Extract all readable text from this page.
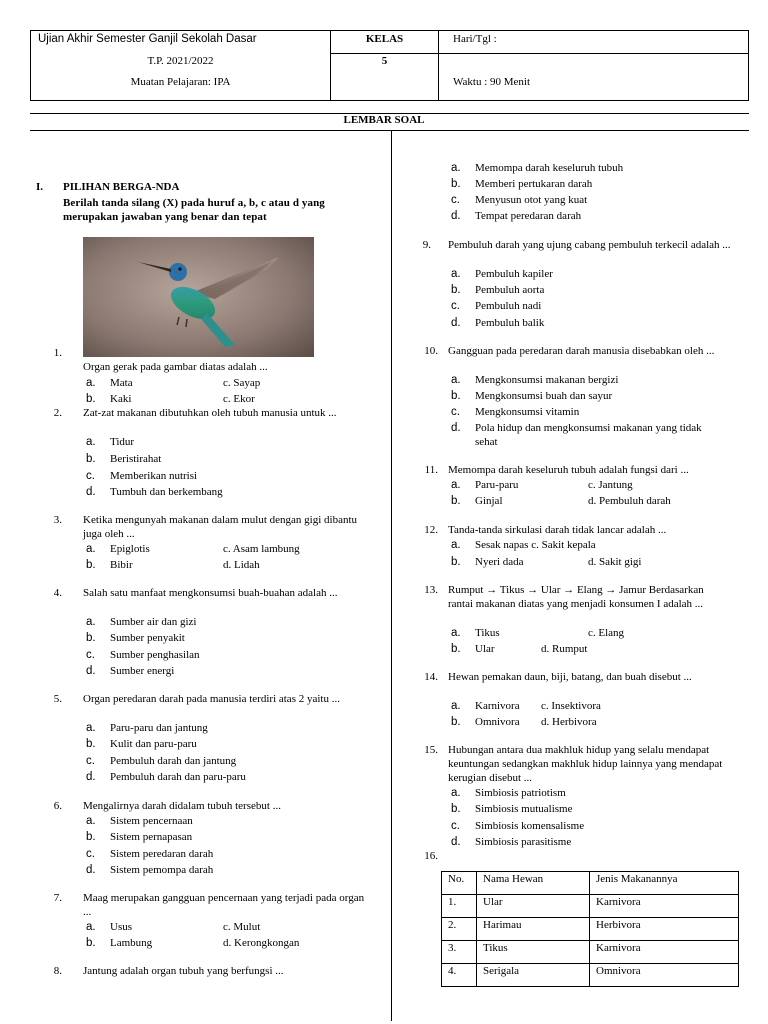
Ujian Akhir Semester Ganjil Sekolah Dasar
T.P. 2021/2022
Muatan Pelajaran: IPA

KELAS
5

Hari/Tgl :
Waktu : 90 Menit
LEMBAR SOAL
I. PILIHAN BERGA-NDA
Berilah tanda silang (X) pada huruf a, b, c atau d yang merupakan jawaban yang benar dan tepat
1.
Organ gerak pada gambar diatas adalah ...
a. Mata	c. Sayap
b. Kaki	c. Ekor
2. Zat-zat makanan dibutuhkan oleh tubuh manusia untuk ...
a. Tidur
b. Beristirahat
c. Memberikan nutrisi
d. Tumbuh dan berkembang
3. Ketika mengunyah makanan dalam mulut dengan gigi dibantu juga oleh ...
a. Epiglotis	c. Asam lambung
b. Bibir	d. Lidah
4. Salah satu manfaat mengkonsumsi buah-buahan adalah ...
a. Sumber air dan gizi
b. Sumber penyakit
c. Sumber penghasilan
d. Sumber energi
5. Organ peredaran darah pada manusia terdiri atas 2 yaitu ...
a. Paru-paru dan jantung
b. Kulit dan paru-paru
c. Pembuluh darah dan jantung
d. Pembuluh darah dan paru-paru
6. Mengalirnya darah didalam tubuh tersebut ...
a. Sistem pencernaan
b. Sistem pernapasan
c. Sistem peredaran darah
d. Sistem pemompa darah
7. Maag merupakan gangguan pencernaan yang terjadi pada organ ...
a. Usus	c. Mulut
b. Lambung	d. Kerongkongan
8. Jantung adalah organ tubuh yang berfungsi ...
a. Memompa darah keseluruh tubuh
b. Memberi pertukaran darah
c. Menyusun otot yang kuat
d. Tempat peredaran darah
9. Pembuluh darah yang ujung cabang pembuluh terkecil adalah ...
a. Pembuluh kapiler
b. Pembuluh aorta
c. Pembuluh nadi
d. Pembuluh balik
10. Gangguan pada peredaran darah manusia disebabkan oleh ...
a. Mengkonsumsi makanan bergizi
b. Mengkonsumsi buah dan sayur
c. Mengkonsumsi vitamin
d. Pola hidup dan mengkonsumsi makanan yang tidak sehat
11. Memompa darah keseluruh tubuh adalah fungsi dari ...
a. Paru-paru	c. Jantung
b. Ginjal	d. Pembuluh darah
12. Tanda-tanda sirkulasi darah tidak lancar adalah ...
a. Sesak napas c. Sakit kepala
b. Nyeri dada	d. Sakit gigi
13. Rumput → Tikus → Ular → Elang → Jamur Berdasarkan rantai makanan diatas yang menjadi konsumen I adalah ...
a. Tikus	c. Elang
b. Ular	d. Rumput
14. Hewan pemakan daun, biji, batang, dan buah disebut ...
a. Karnivora	c. Insektivora
b. Omnivora	d. Herbivora
15. Hubungan antara dua makhluk hidup yang selalu mendapat keuntungan sedangkan makhluk hidup lainnya yang mendapat kerugian disebut ...
a. Simbiosis patriotism
b. Simbiosis mutualisme
c. Simbiosis komensalisme
d. Simbiosis parasitisme
16.
No.	Nama Hewan	Jenis Makanannya
1.	Ular	Karnivora
2.	Harimau	Herbivora
3.	Tikus	Karnivora
4.	Serigala	Omnivora
